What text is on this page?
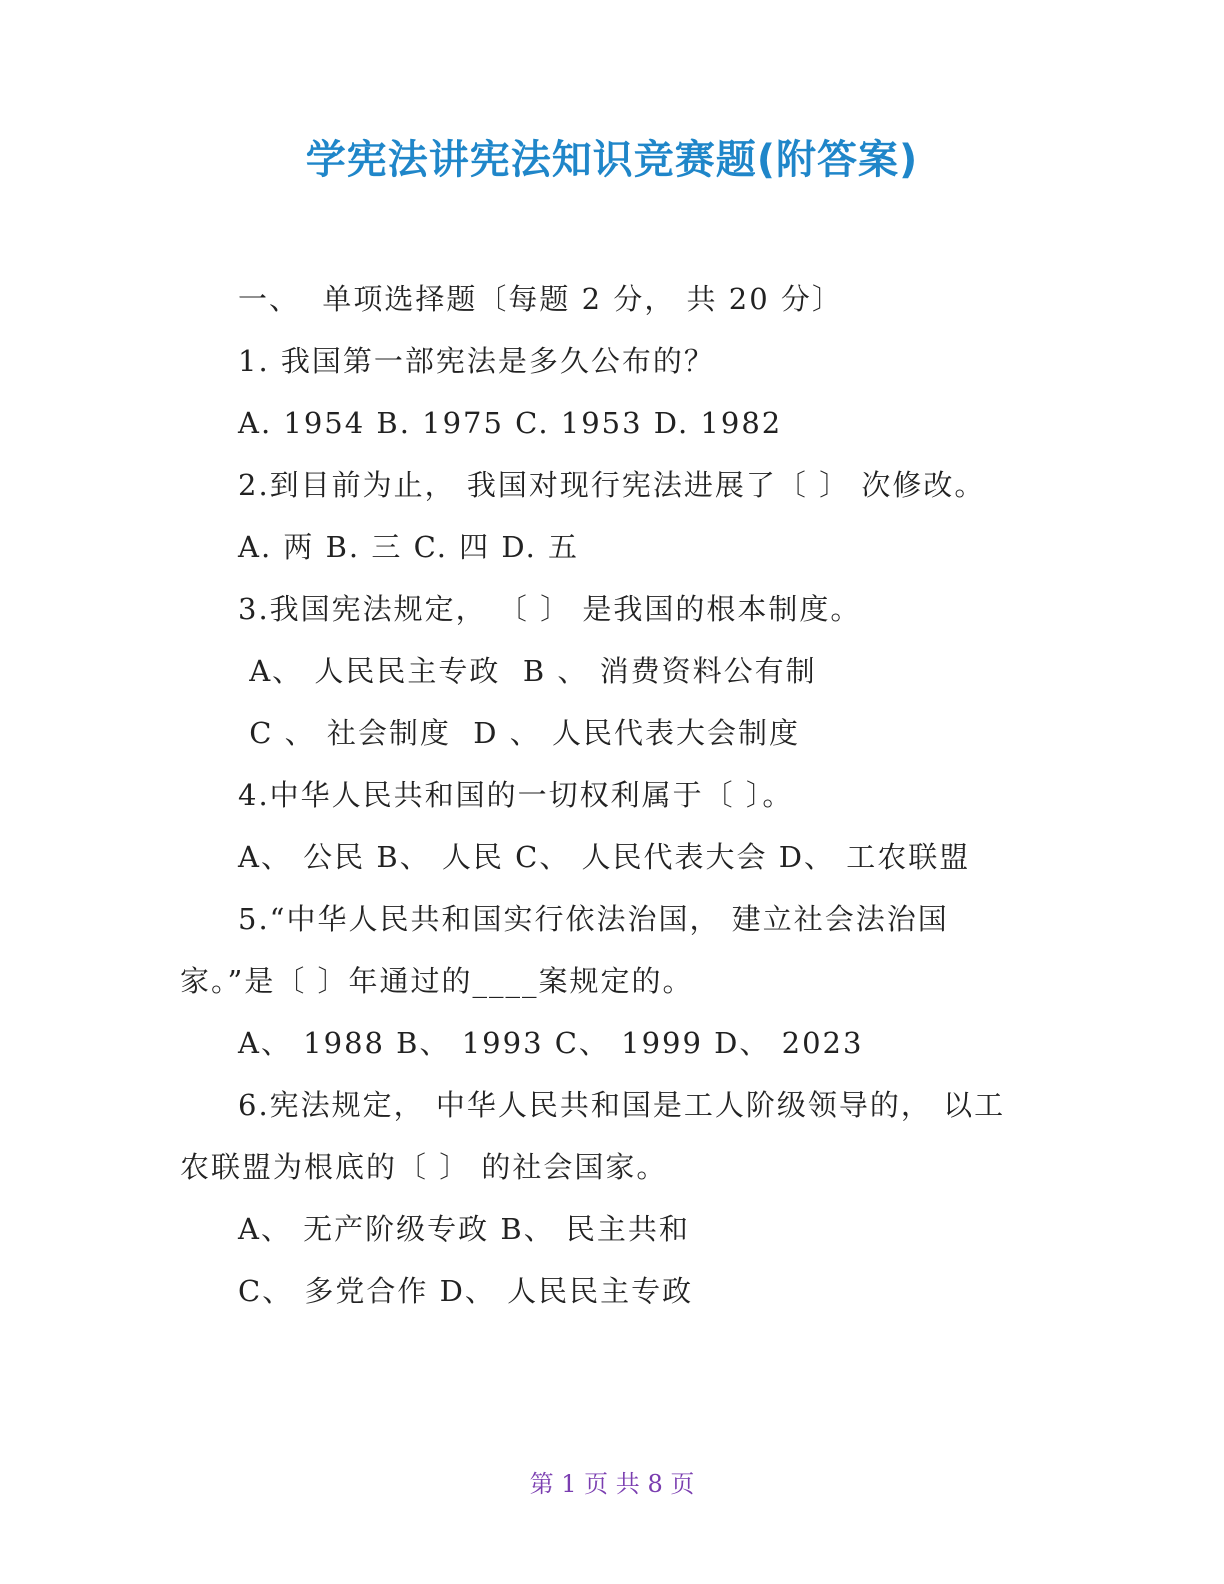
学宪法讲宪法知识竞赛题(附答案)
一、  单项选择题〔每题 2 分， 共 20 分〕
1. 我国第一部宪法是多久公布的？
A. 1954 B. 1975 C. 1953 D. 1982
2.到目前为止， 我国对现行宪法进展了〔 〕 次修改。
A. 两 B. 三 C. 四 D. 五
3.我国宪法规定， 〔 〕 是我国的根本制度。
A、 人民民主专政  B 、 消费资料公有制
C 、 社会制度  D 、 人民代表大会制度
4.中华人民共和国的一切权利属于〔 〕。
A、 公民 B、 人民 C、 人民代表大会 D、 工农联盟
5.“中华人民共和国实行依法治国， 建立社会法治国
家。”是〔 〕年通过的____案规定的。
A、 1988 B、 1993 C、 1999 D、 2023
6.宪法规定， 中华人民共和国是工人阶级领导的， 以工
农联盟为根底的〔 〕 的社会国家。
A、 无产阶级专政 B、 民主共和
C、 多党合作 D、 人民民主专政
第 1 页 共 8 页
